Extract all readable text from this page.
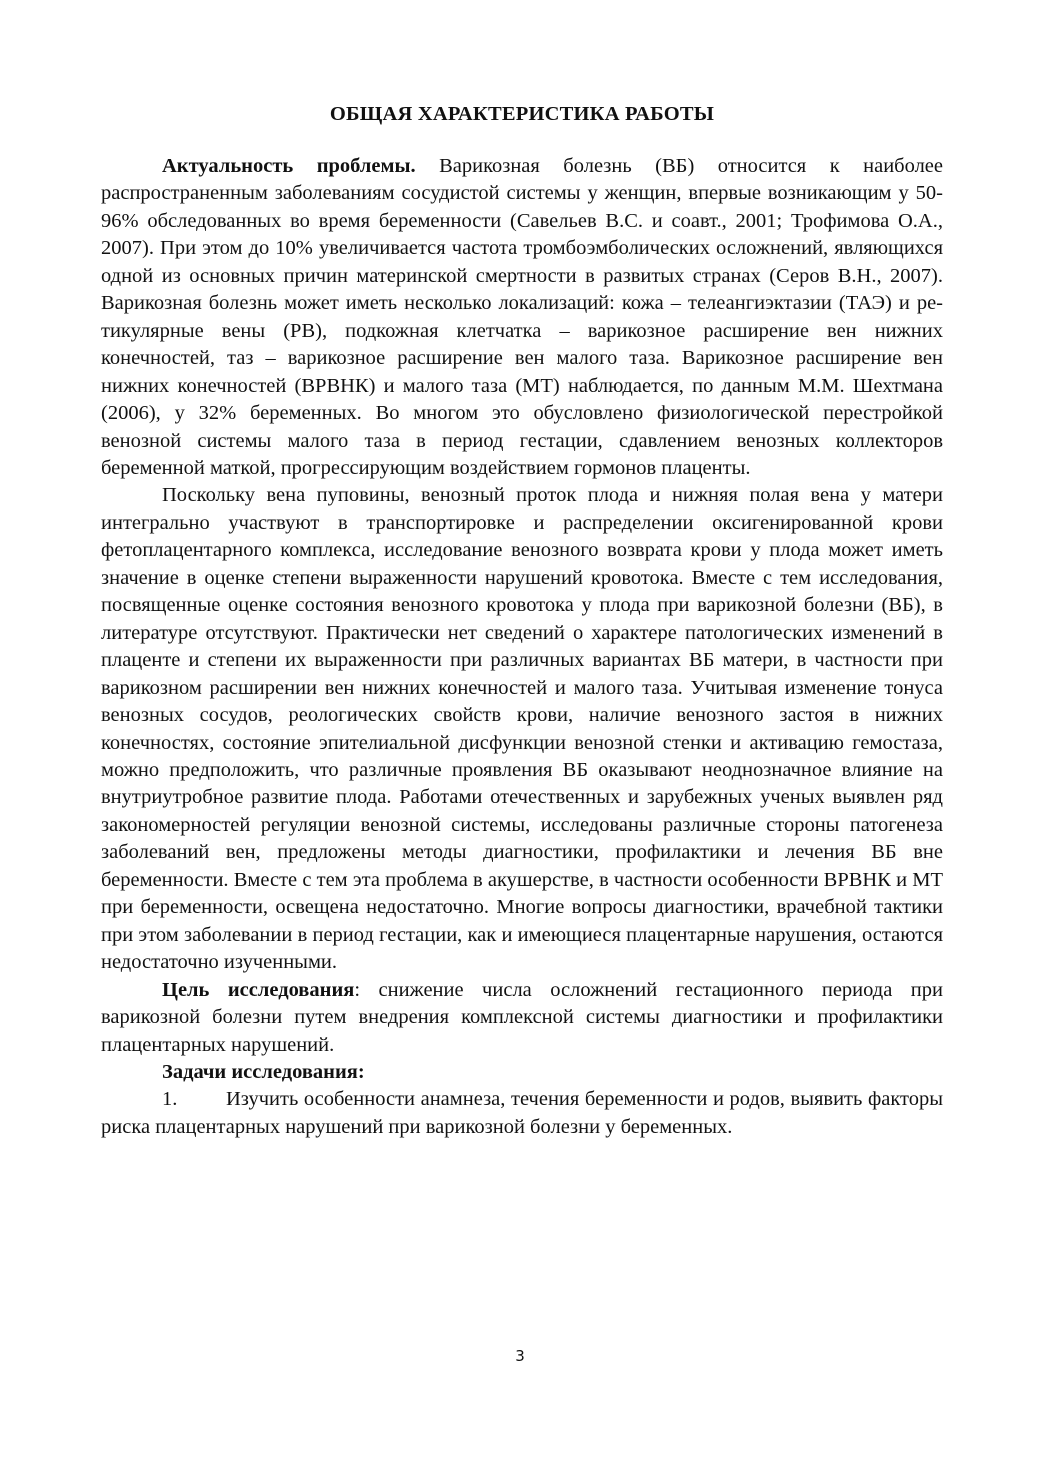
ОБЩАЯ ХАРАКТЕРИСТИКА РАБОТЫ

Актуальность проблемы. Варикозная болезнь (ВБ) относится к наиболее распространенным заболеваниям сосудистой системы у женщин, впервые возникающим у 50-96% обследованных во время беременности (Савельев В.С. и соавт., 2001; Трофимова О.А., 2007). При этом до 10% увеличивается частота тромбоэмболических осложнений, являющихся одной из основных причин материнской смертности в развитых странах (Серов В.Н., 2007). Варикозная болезнь может иметь несколько локализаций: кожа – телеангиэктазии (ТАЭ) и ретикулярные вены (РВ), подкожная клетчатка – варикозное расширение вен нижних конечностей, таз – варикозное расширение вен малого таза. Варикозное расширение вен нижних конечностей (ВРВНК) и малого таза (МТ) наблюдается, по данным М.М. Шехтмана (2006), у 32% беременных. Во многом это обусловлено физиологической перестройкой венозной системы малого таза в период гестации, сдавлением венозных коллекторов беременной маткой, прогрессирующим воздействием гормонов плаценты.

Поскольку вена пуповины, венозный проток плода и нижняя полая вена у матери интегрально участвуют в транспортировке и распределении оксигенированной крови фетоплацентарного комплекса, исследование венозного возврата крови у плода может иметь значение в оценке степени выраженности нарушений кровотока. Вместе с тем исследования, посвященные оценке состояния венозного кровотока у плода при варикозной болезни (ВБ), в литературе отсутствуют. Практически нет сведений о характере патологических изменений в плаценте и степени их выраженности при различных вариантах ВБ матери, в частности при варикозном расширении вен нижних конечностей и малого таза. Учитывая изменение тонуса венозных сосудов, реологических свойств крови, наличие венозного застоя в нижних конечностях, состояние эпителиальной дисфункции венозной стенки и активацию гемостаза, можно предположить, что различные проявления ВБ оказывают неоднозначное влияние на внутриутробное развитие плода. Работами отечественных и зарубежных ученых выявлен ряд закономерностей регуляции венозной системы, исследованы различные стороны патогенеза заболеваний вен, предложены методы диагностики, профилактики и лечения ВБ вне беременности. Вместе с тем эта проблема в акушерстве, в частности особенности ВРВНК и МТ при беременности, освещена недостаточно. Многие вопросы диагностики, врачебной тактики при этом заболевании в период гестации, как и имеющиеся плацентарные нарушения, остаются недостаточно изученными.

Цель исследования: снижение числа осложнений гестационного периода при варикозной болезни путем внедрения комплексной системы диагностики и профилактики плацентарных нарушений.

Задачи исследования:

1. Изучить особенности анамнеза, течения беременности и родов, выявить факторы риска плацентарных нарушений при варикозной болезни у беременных.

3
